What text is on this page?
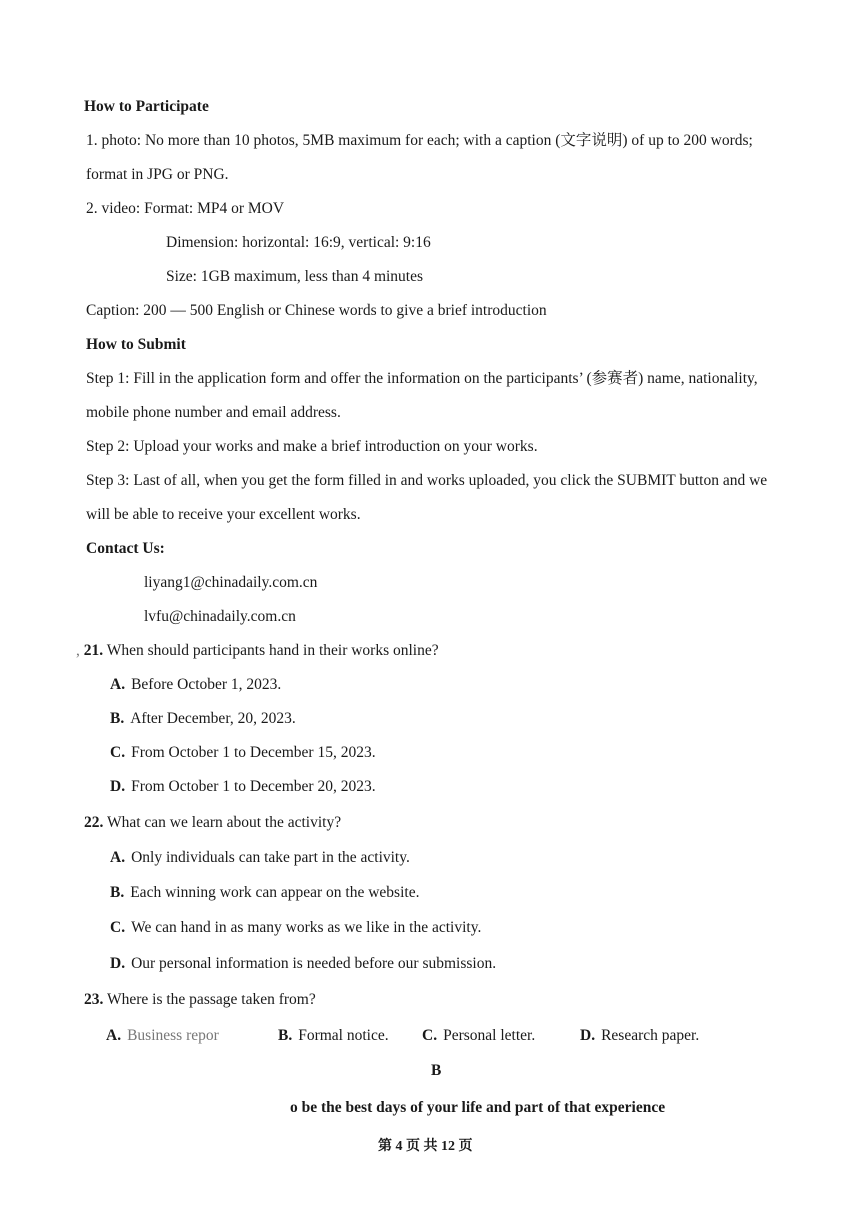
How to Participate
1. photo: No more than 10 photos, 5MB maximum for each; with a caption (文字说明) of up to 200 words;
format in JPG or PNG.
2. video: Format: MP4 or MOV
Dimension: horizontal: 16:9, vertical: 9:16
Size: 1GB maximum, less than 4 minutes
Caption: 200 — 500 English or Chinese words to give a brief introduction
How to Submit
Step 1: Fill in the application form and offer the information on the participants’ (参赛者) name, nationality,
mobile phone number and email address.
Step 2: Upload your works and make a brief introduction on your works.
Step 3: Last of all, when you get the form filled in and works uploaded, you click the SUBMIT button and we
will be able to receive your excellent works.
Contact Us:
liyang1@chinadaily.com.cn
lvfu@chinadaily.com.cn
, 21. When should participants hand in their works online?
A. Before October 1, 2023.
B. After December, 20, 2023.
C. From October 1 to December 15, 2023.
D. From October 1 to December 20, 2023.
22. What can we learn about the activity?
A. Only individuals can take part in the activity.
B. Each winning work can appear on the website.
C. We can hand in as many works as we like in the activity.
D. Our personal information is needed before our submission.
23. Where is the passage taken from?
A. Business repor	B. Formal notice. C. Personal letter.	D. Research paper.
B
o be the best days of your life and part of that experience
第 4 页 共 12 页
